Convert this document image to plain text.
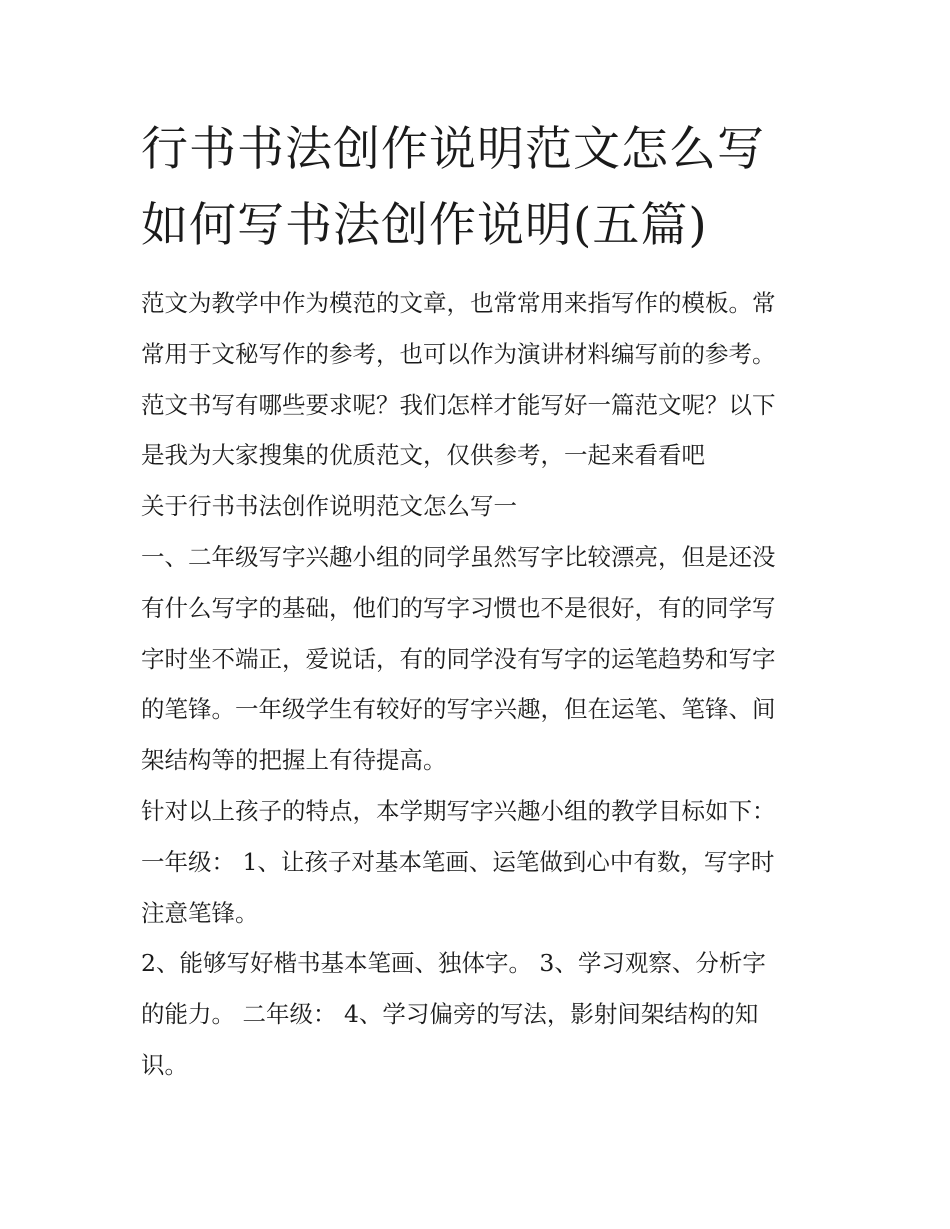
行书书法创作说明范文怎么写
如何写书法创作说明(五篇)

范文为教学中作为模范的文章，也常常用来指写作的模板。常
常用于文秘写作的参考，也可以作为演讲材料编写前的参考。
范文书写有哪些要求呢？我们怎样才能写好一篇范文呢？以下
是我为大家搜集的优质范文，仅供参考，一起来看看吧

关于行书书法创作说明范文怎么写一

一、二年级写字兴趣小组的同学虽然写字比较漂亮，但是还没
有什么写字的基础，他们的写字习惯也不是很好，有的同学写
字时坐不端正，爱说话，有的同学没有写字的运笔趋势和写字
的笔锋。一年级学生有较好的写字兴趣，但在运笔、笔锋、间
架结构等的把握上有待提高。

针对以上孩子的特点，本学期写字兴趣小组的教学目标如下：

一年级： 1、让孩子对基本笔画、运笔做到心中有数，写字时
注意笔锋。

2、能够写好楷书基本笔画、独体字。 3、学习观察、分析字
的能力。 二年级： 4、学习偏旁的写法，影射间架结构的知
识。
